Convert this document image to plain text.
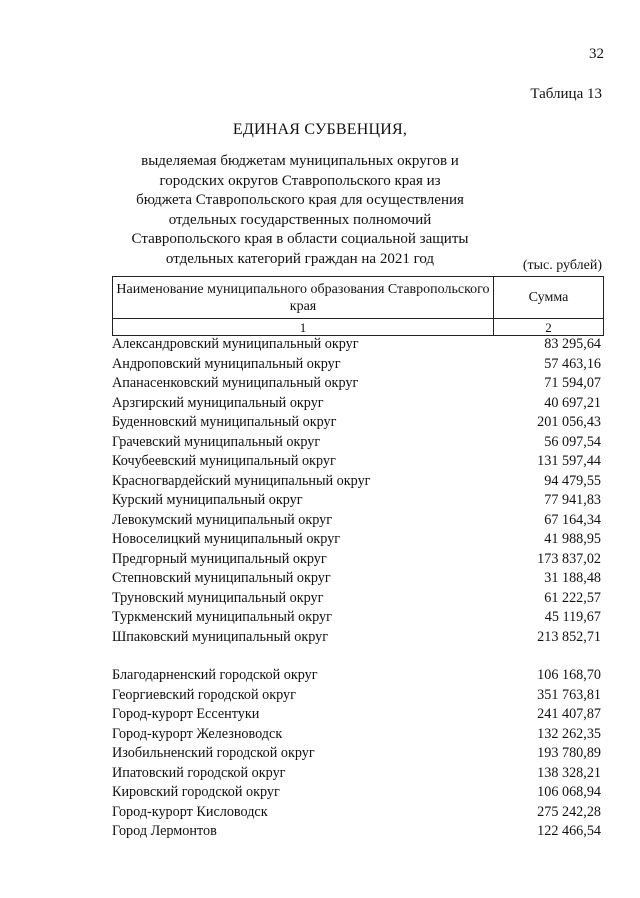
32
Таблица 13
ЕДИНАЯ СУБВЕНЦИЯ,
выделяемая бюджетам муниципальных округов и городских округов Ставропольского края из бюджета Ставропольского края для осуществления отдельных государственных полномочий Ставропольского края в области социальной защиты отдельных категорий граждан на 2021 год	(тыс. рублей)
Наименование муниципального образования Ставропольского края	Сумма
1	2
Александровский муниципальный округ	83 295,64
Андроповский муниципальный округ	57 463,16
Апанасенковский муниципальный округ	71 594,07
Арзгирский муниципальный округ	40 697,21
Буденновский муниципальный округ	201 056,43
Грачевский муниципальный округ	56 097,54
Кочубеевский муниципальный округ	131 597,44
Красногвардейский муниципальный округ	94 479,55
Курский муниципальный округ	77 941,83
Левокумский муниципальный округ	67 164,34
Новоселицкий муниципальный округ	41 988,95
Предгорный муниципальный округ	173 837,02
Степновский муниципальный округ	31 188,48
Труновский муниципальный округ	61 222,57
Туркменский муниципальный округ	45 119,67
Шпаковский муниципальный округ	213 852,71
Благодарненский городской округ	106 168,70
Георгиевский городской округ	351 763,81
Город-курорт Ессентуки	241 407,87
Город-курорт Железноводск	132 262,35
Изобильненский городской округ	193 780,89
Ипатовский городской округ	138 328,21
Кировский городской округ	106 068,94
Город-курорт Кисловодск	275 242,28
Город Лермонтов	122 466,54
